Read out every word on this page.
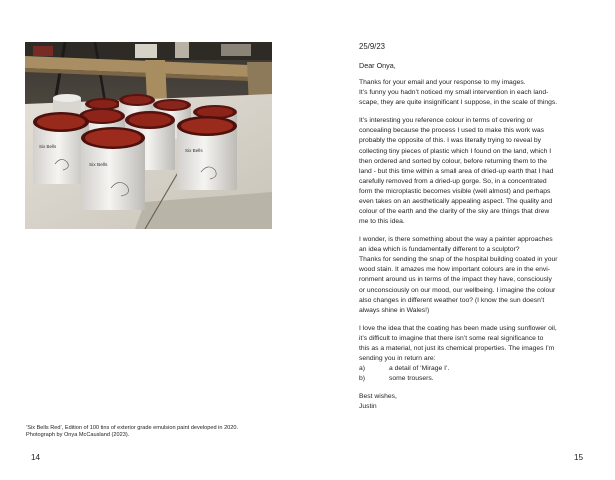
Six Bells
Six Bells
Six Bells
‘Six Bells Red’, Edition of 100 tins of exterior grade emulsion paint developed in 2020.
Photograph by Onya McCausland (2023).
14
25/9/23
Dear Onya,
Thanks for your email and your response to my images.
It’s funny you hadn’t noticed my small intervention in each land-
scape, they are quite insignificant I suppose, in the scale of things.
It’s interesting you reference colour in terms of covering or
concealing because the process I used to make this work was
probably the opposite of this. I was literally trying to reveal by
collecting tiny pieces of plastic which I found on the land, which I
then ordered and sorted by colour, before returning them to the
land - but this time within a small area of dried-up earth that I had
carefully removed from a dried-up gorge. So, in a concentrated
form the microplastic becomes visible (well almost) and perhaps
even takes on an aesthetically appealing aspect. The quality and
colour of the earth and the clarity of the sky are things that drew
me to this idea.
I wonder, is there something about the way a painter approaches
an idea which is fundamentally different to a sculptor?
Thanks for sending the snap of the hospital building coated in your
wood stain. It amazes me how important colours are in the envi-
ronment around us in terms of the impact they have, consciously
or unconsciously on our mood, our wellbeing. I imagine the colour
also changes in different weather too? (I know the sun doesn’t
always shine in Wales!)
I love the idea that the coating has been made using sunflower oil,
it’s difficult to imagine that there isn’t some real significance to
this as a material, not just its chemical properties. The images I’m
sending you in return are:
a)	a detail of ‘Mirage I’.
b)	some trousers.
Best wishes,
Justin
15
